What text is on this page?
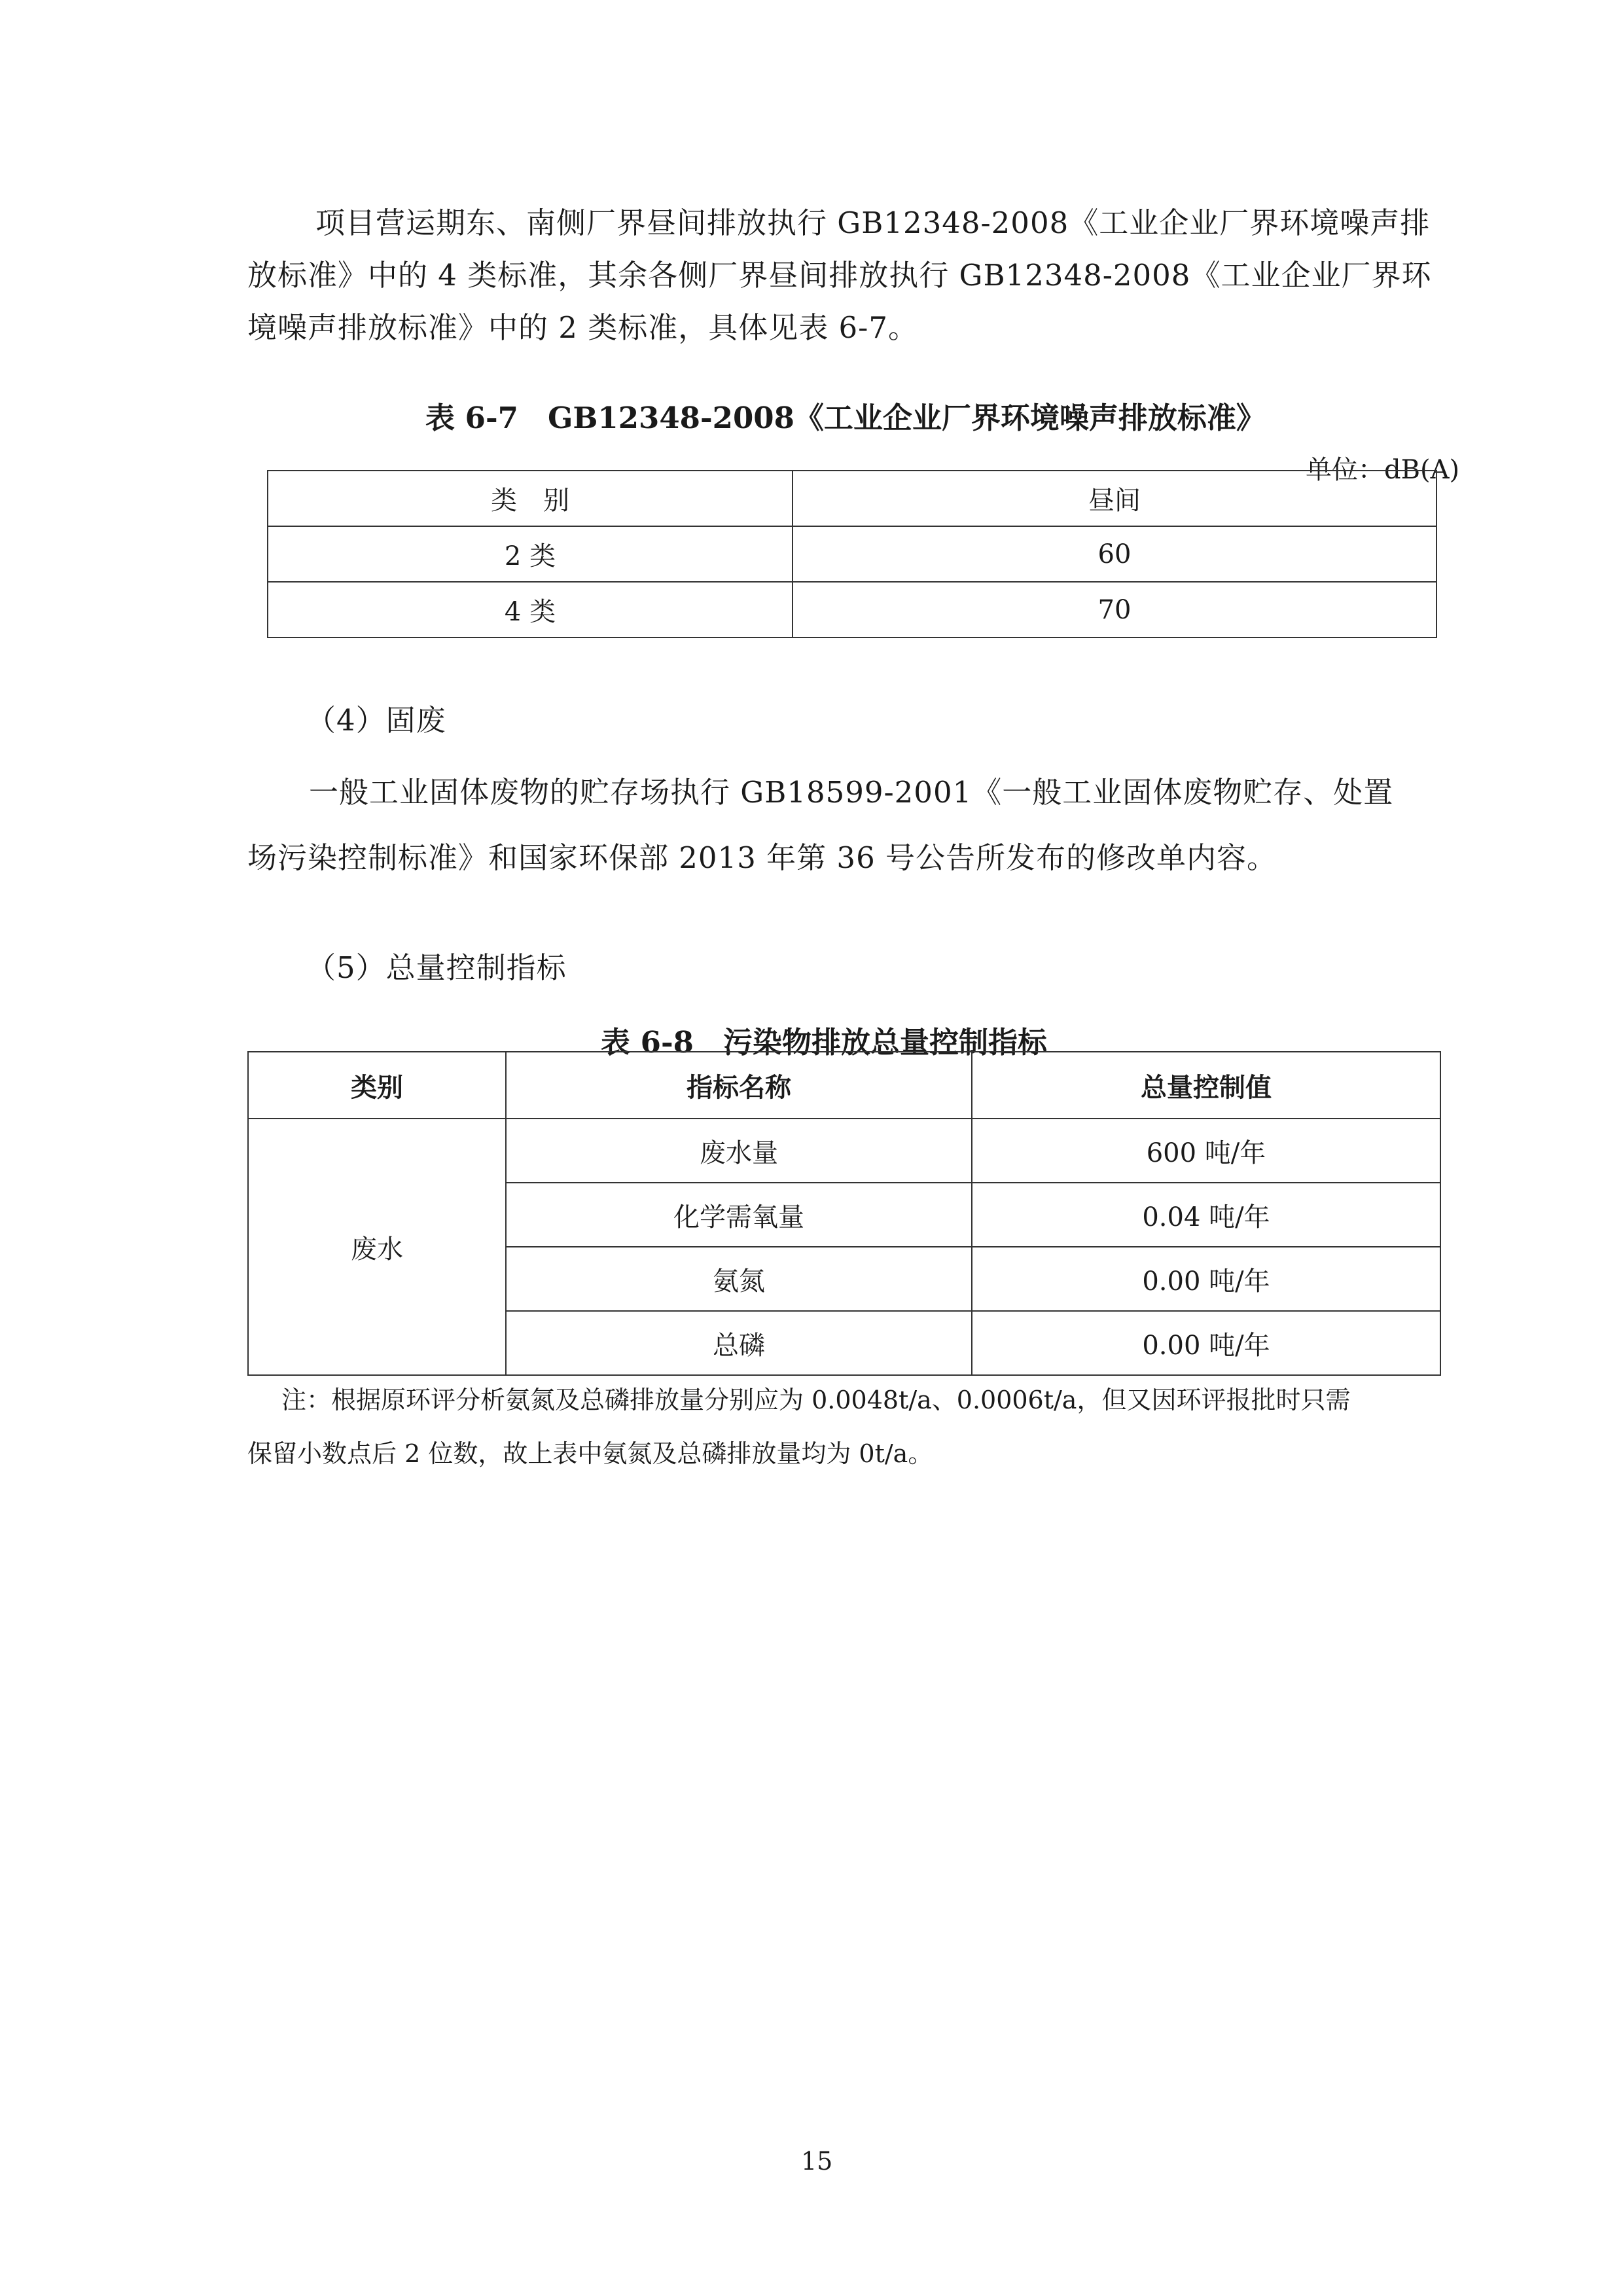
项目营运期东、南侧厂界昼间排放执行 GB12348-2008《工业企业厂界环境噪声排
放标准》中的 4 类标准，其余各侧厂界昼间排放执行 GB12348-2008《工业企业厂界环
境噪声排放标准》中的 2 类标准，具体见表 6-7。
表 6-7　GB12348-2008《工业企业厂界环境噪声排放标准》
单位：dB(A)
类　别	昼间
2 类	60
4 类	70
（4）固废
一般工业固体废物的贮存场执行 GB18599-2001《一般工业固体废物贮存、处置
场污染控制标准》和国家环保部 2013 年第 36 号公告所发布的修改单内容。
（5）总量控制指标
表 6-8　污染物排放总量控制指标
类别	指标名称	总量控制值
废水	废水量	600 吨/年
	化学需氧量	0.04 吨/年
	氨氮	0.00 吨/年
	总磷	0.00 吨/年
注：根据原环评分析氨氮及总磷排放量分别应为 0.0048t/a、0.0006t/a，但又因环评报批时只需
保留小数点后 2 位数，故上表中氨氮及总磷排放量均为 0t/a。
15
